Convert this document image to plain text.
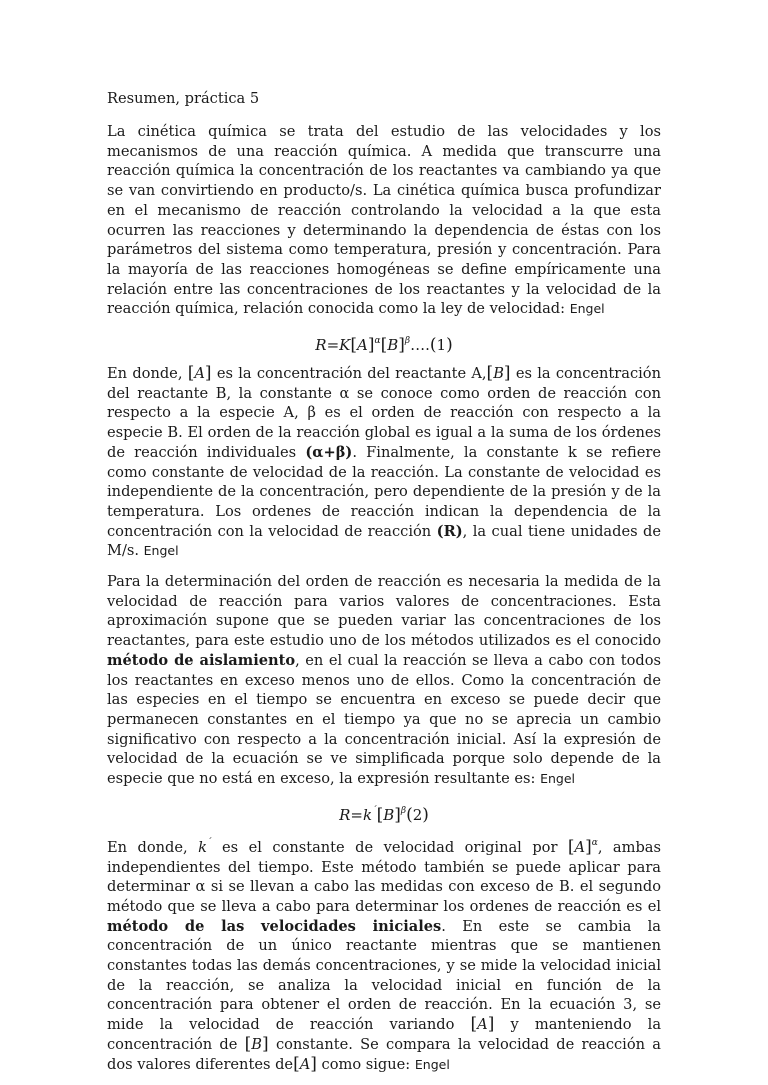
Resumen, práctica 5

La cinética química se trata del estudio de las velocidades y los mecanismos de una reacción química. A medida que transcurre una reacción química la concentración de los reactantes va cambiando ya que se van convirtiendo en producto/s. La cinética química busca profundizar en el mecanismo de reacción controlando la velocidad a la que esta ocurren las reacciones y determinando la dependencia de éstas con los parámetros del sistema como temperatura, presión y concentración. Para la mayoría de las reacciones homogéneas se define empíricamente una relación entre las concentraciones de los reactantes y la velocidad de la reacción química, relación conocida como la ley de velocidad: Engel

$R=K[A]^\alpha[B]^\beta\dots.(1)$

En donde, [A] es la concentración del reactante A,[B] es la concentración del reactante B, la constante α se conoce como orden de reacción con respecto a la especie A, β es el orden de reacción con respecto a la especie B. El orden de la reacción global es igual a la suma de los órdenes de reacción individuales (α+β). Finalmente, la constante k se refiere como constante de velocidad de la reacción. La constante de velocidad es independiente de la concentración, pero dependiente de la presión y de la temperatura. Los ordenes de reacción indican la dependencia de la concentración con la velocidad de reacción (R), la cual tiene unidades de M/s. Engel

Para la determinación del orden de reacción es necesaria la medida de la velocidad de reacción para varios valores de concentraciones. Esta aproximación supone que se pueden variar las concentraciones de los reactantes, para este estudio uno de los métodos utilizados es el conocido método de aislamiento, en el cual la reacción se lleva a cabo con todos los reactantes en exceso menos uno de ellos. Como la concentración de las especies en el tiempo se encuentra en exceso se puede decir que permanecen constantes en el tiempo ya que no se aprecia un cambio significativo con respecto a la concentración inicial. Así la expresión de velocidad de la ecuación se ve simplificada porque solo depende de la especie que no está en exceso, la expresión resultante es: Engel

$R=k^´[B]^\beta(2)$

En donde, k´ es el constante de velocidad original por $[A]^\alpha$, ambas independientes del tiempo. Este método también se puede aplicar para determinar α si se llevan a cabo las medidas con exceso de B. el segundo método que se lleva a cabo para determinar los ordenes de reacción es el método de las velocidades iniciales. En este se cambia la concentración de un único reactante mientras que se mantienen constantes todas las demás concentraciones, y se mide la velocidad inicial de la reacción, se analiza la velocidad inicial en función de la concentración para obtener el orden de reacción. En la ecuación 3, se mide la velocidad de reacción variando [A] y manteniendo la concentración de [B] constante. Se compara la velocidad de reacción a dos valores diferentes de[A] como sigue: Engel
